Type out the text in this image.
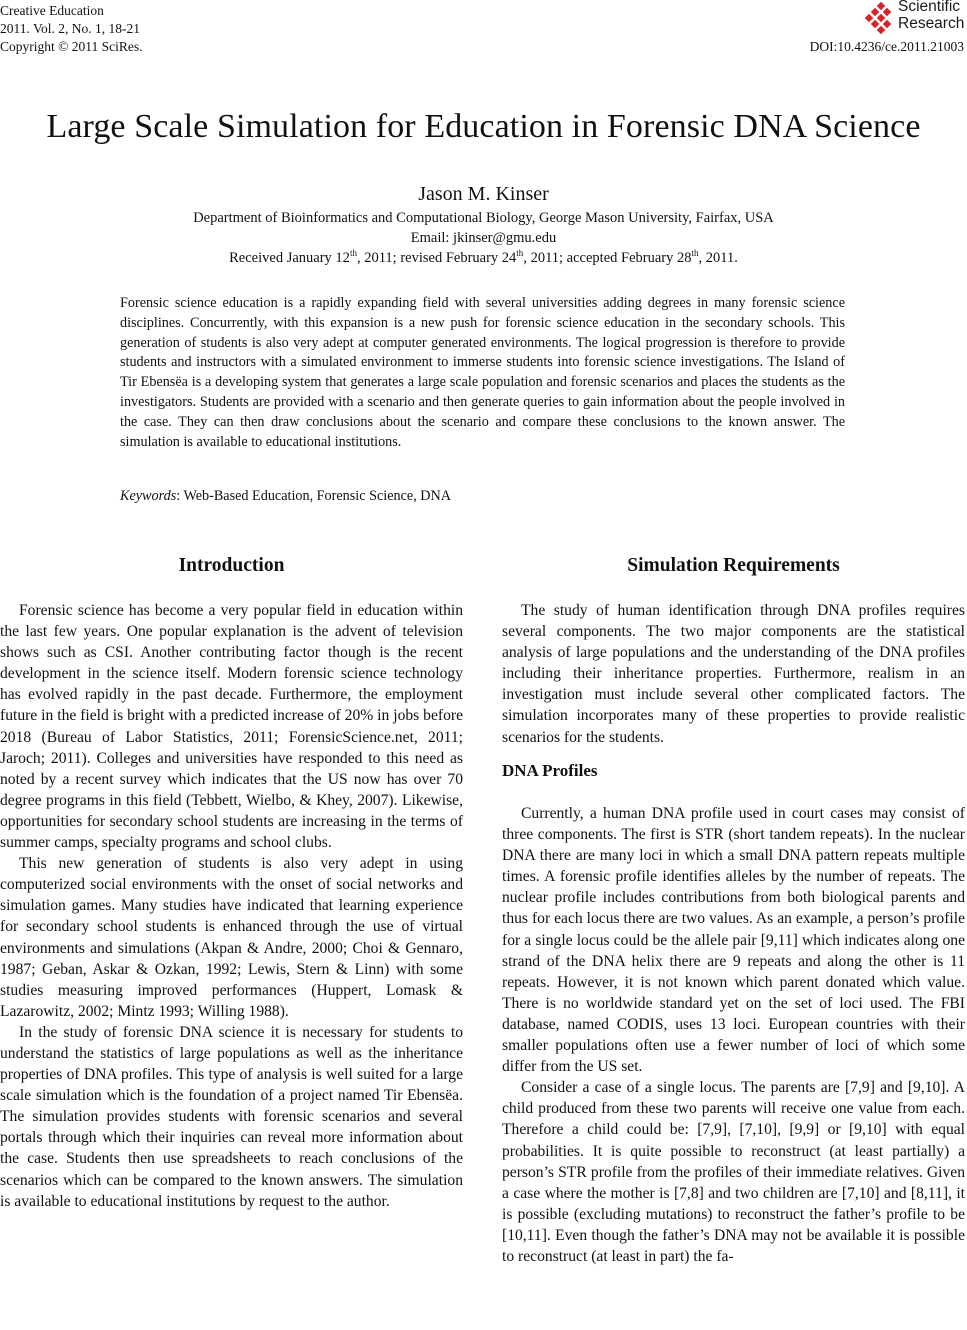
Creative Education
2011. Vol. 2, No. 1, 18-21
Copyright © 2011 SciRes.
Scientific
Research
DOI:10.4236/ce.2011.21003
Large Scale Simulation for Education in Forensic DNA Science
Jason M. Kinser
Department of Bioinformatics and Computational Biology, George Mason University, Fairfax, USA
Email: jkinser@gmu.edu
Received January 12th, 2011; revised February 24th, 2011; accepted February 28th, 2011.
Forensic science education is a rapidly expanding field with several universities adding degrees in many forensic science disciplines. Concurrently, with this expansion is a new push for forensic science education in the secondary schools. This generation of students is also very adept at computer generated environments. The logical progression is therefore to provide students and instructors with a simulated environment to immerse students into forensic science investigations. The Island of Tir Ebensëa is a developing system that generates a large scale population and forensic scenarios and places the students as the investigators. Students are provided with a scenario and then generate queries to gain information about the people involved in the case. They can then draw conclusions about the scenario and compare these conclusions to the known answer. The simulation is available to educational institutions.
Keywords: Web-Based Education, Forensic Science, DNA
Introduction

Forensic science has become a very popular field in education within the last few years. One popular explanation is the advent of television shows such as CSI. Another contributing factor though is the recent development in the science itself. Modern forensic science technology has evolved rapidly in the past decade. Furthermore, the employment future in the field is bright with a predicted increase of 20% in jobs before 2018 (Bureau of Labor Statistics, 2011; ForensicScience.net, 2011; Jaroch; 2011). Colleges and universities have responded to this need as noted by a recent survey which indicates that the US now has over 70 degree programs in this field (Tebbett, Wielbo, & Khey, 2007). Likewise, opportunities for secondary school students are increasing in the terms of summer camps, specialty programs and school clubs.

This new generation of students is also very adept in using computerized social environments with the onset of social networks and simulation games. Many studies have indicated that learning experience for secondary school students is enhanced through the use of virtual environments and simulations (Akpan & Andre, 2000; Choi & Gennaro, 1987; Geban, Askar & Ozkan, 1992; Lewis, Stern & Linn) with some studies measuring improved performances (Huppert, Lomask & Lazarowitz, 2002; Mintz 1993; Willing 1988).

In the study of forensic DNA science it is necessary for students to understand the statistics of large populations as well as the inheritance properties of DNA profiles. This type of analysis is well suited for a large scale simulation which is the foundation of a project named Tir Ebensëa. The simulation provides students with forensic scenarios and several portals through which their inquiries can reveal more information about the case. Students then use spreadsheets to reach conclusions of the scenarios which can be compared to the known answers. The simulation is available to educational institutions by request to the author.

Simulation Requirements

The study of human identification through DNA profiles requires several components. The two major components are the statistical analysis of large populations and the understanding of the DNA profiles including their inheritance properties. Furthermore, realism in an investigation must include several other complicated factors. The simulation incorporates many of these properties to provide realistic scenarios for the students.

DNA Profiles

Currently, a human DNA profile used in court cases may consist of three components. The first is STR (short tandem repeats). In the nuclear DNA there are many loci in which a small DNA pattern repeats multiple times. A forensic profile identifies alleles by the number of repeats. The nuclear profile includes contributions from both biological parents and thus for each locus there are two values. As an example, a person’s profile for a single locus could be the allele pair [9,11] which indicates along one strand of the DNA helix there are 9 repeats and along the other is 11 repeats. However, it is not known which parent donated which value. There is no worldwide standard yet on the set of loci used. The FBI database, named CODIS, uses 13 loci. European countries with their smaller populations often use a fewer number of loci of which some differ from the US set.

Consider a case of a single locus. The parents are [7,9] and [9,10]. A child produced from these two parents will receive one value from each. Therefore a child could be: [7,9], [7,10], [9,9] or [9,10] with equal probabilities. It is quite possible to reconstruct (at least partially) a person’s STR profile from the profiles of their immediate relatives. Given a case where the mother is [7,8] and two children are [7,10] and [8,11], it is possible (excluding mutations) to reconstruct the father’s profile to be [10,11]. Even though the father’s DNA may not be available it is possible to reconstruct (at least in part) the fa-
